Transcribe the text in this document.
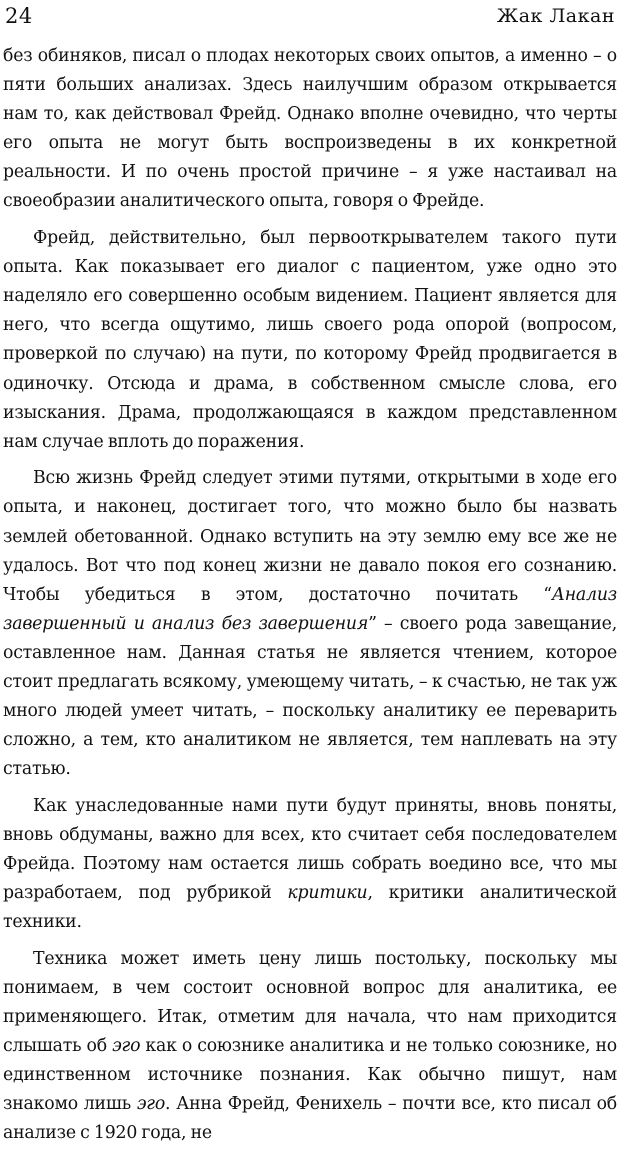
24	Жак Лакан

без обиняков, писал о плодах некоторых своих опытов, а именно – о пяти больших анализах. Здесь наилучшим образом открывается нам то, как действовал Фрейд. Однако вполне очевидно, что черты его опыта не могут быть воспроизведены в их конкретной реальности. И по очень простой причине – я уже настаивал на своеобразии аналитического опыта, говоря о Фрейде.

Фрейд, действительно, был первооткрывателем такого пути опыта. Как показывает его диалог с пациентом, уже одно это наделяло его совершенно особым видением. Пациент является для него, что всегда ощутимо, лишь своего рода опорой (вопросом, проверкой по случаю) на пути, по которому Фрейд продвигается в одиночку. Отсюда и драма, в собственном смысле слова, его изыскания. Драма, продолжающаяся в каждом представленном нам случае вплоть до поражения.

Всю жизнь Фрейд следует этими путями, открытыми в ходе его опыта, и наконец, достигает того, что можно было бы назвать землей обетованной. Однако вступить на эту землю ему все же не удалось. Вот что под конец жизни не давало покоя его сознанию. Чтобы убедиться в этом, достаточно почитать “Анализ завершенный и анализ без завершения” – своего рода завещание, оставленное нам. Данная статья не является чтением, которое стоит предлагать всякому, умеющему читать, – к счастью, не так уж много людей умеет читать, – поскольку аналитику ее переварить сложно, а тем, кто аналитиком не является, тем наплевать на эту статью.

Как унаследованные нами пути будут приняты, вновь поняты, вновь обдуманы, важно для всех, кто считает себя последователем Фрейда. Поэтому нам остается лишь собрать воедино все, что мы разработаем, под рубрикой критики, критики аналитической техники.

Техника может иметь цену лишь постольку, поскольку мы понимаем, в чем состоит основной вопрос для аналитика, ее применяющего. Итак, отметим для начала, что нам приходится слышать об эго как о союзнике аналитика и не только союзнике, но единственном источнике познания. Как обычно пишут, нам знакомо лишь эго. Анна Фрейд, Фенихель – почти все, кто писал об анализе с 1920 года, не
